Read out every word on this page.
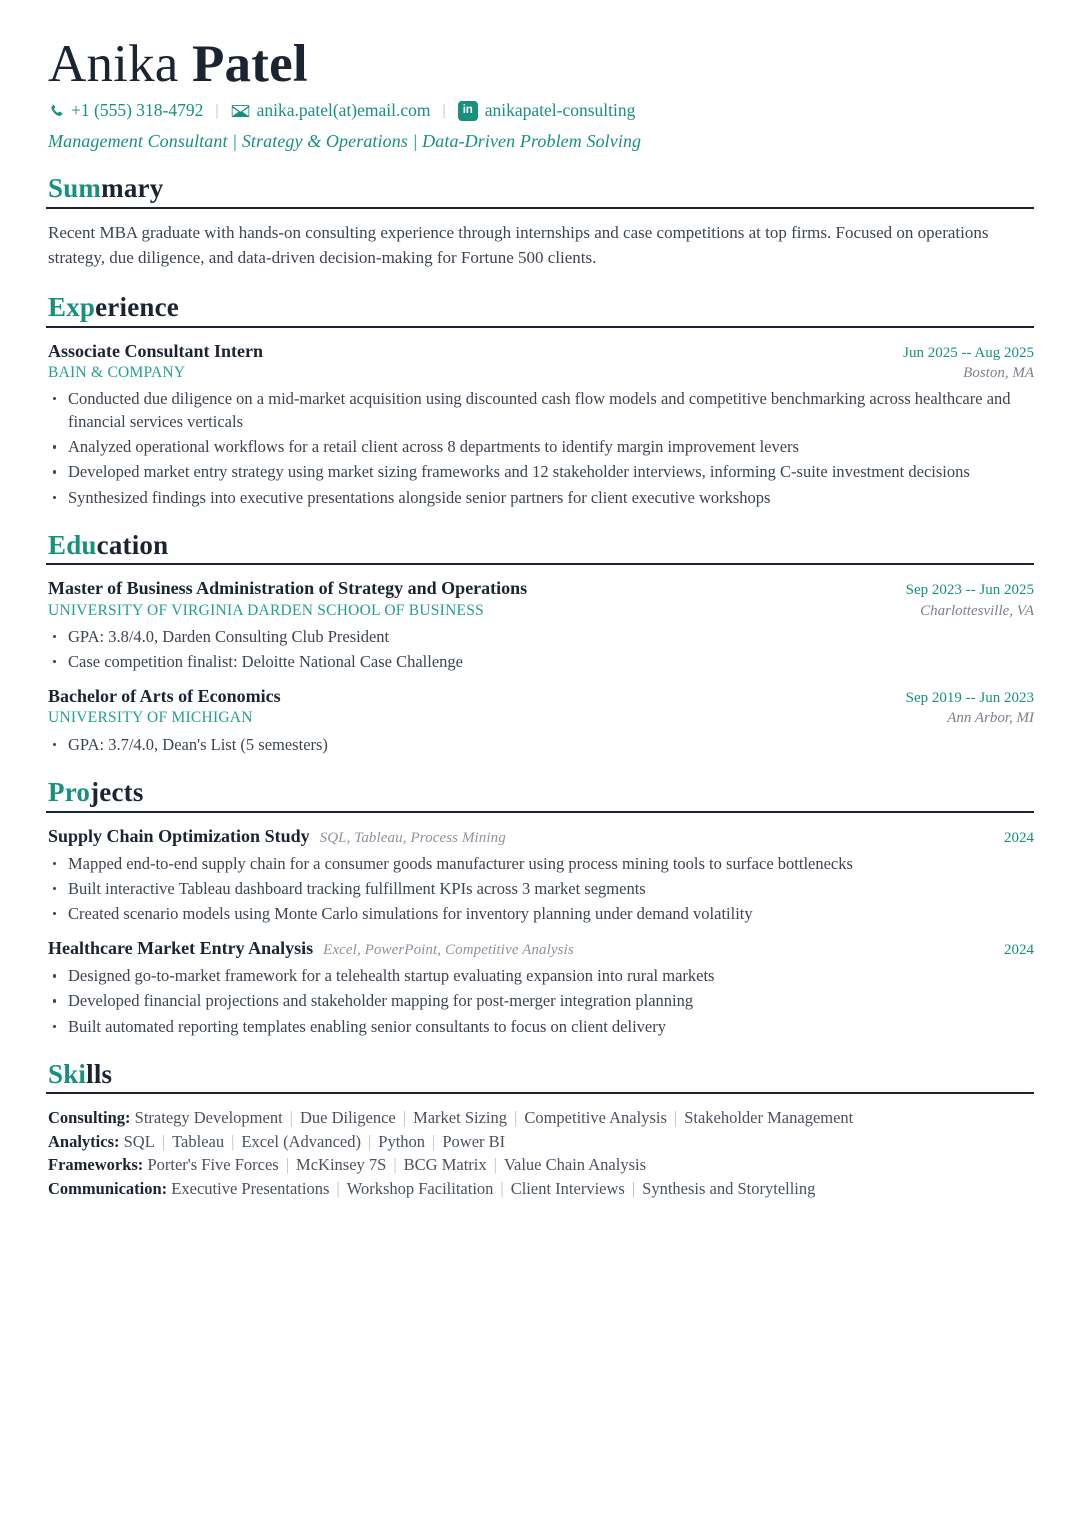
Anika Patel
+1 (555) 318-4792 | anika.patel(at)email.com |	in anikapatel-consulting
Management Consultant | Strategy & Operations | Data-Driven Problem Solving
Summary
Recent MBA graduate with hands-on consulting experience through internships and case competitions at top firms. Focused on operations strategy, due diligence, and data-driven decision-making for Fortune 500 clients.
Experience
Associate Consultant Intern	Jun 2025 -- Aug 2025
BAIN & COMPANY	Boston, MA
Conducted due diligence on a mid-market acquisition using discounted cash flow models and competitive benchmarking across healthcare and financial services verticals
Analyzed operational workflows for a retail client across 8 departments to identify margin improvement levers
Developed market entry strategy using market sizing frameworks and 12 stakeholder interviews, informing C-suite investment decisions
Synthesized findings into executive presentations alongside senior partners for client executive workshops
Education
Master of Business Administration of Strategy and Operations	Sep 2023 -- Jun 2025
UNIVERSITY OF VIRGINIA DARDEN SCHOOL OF BUSINESS	Charlottesville, VA
GPA: 3.8/4.0, Darden Consulting Club President
Case competition finalist: Deloitte National Case Challenge
Bachelor of Arts of Economics	Sep 2019 -- Jun 2023
UNIVERSITY OF MICHIGAN	Ann Arbor, MI
GPA: 3.7/4.0, Dean's List (5 semesters)
Projects
Supply Chain Optimization Study SQL, Tableau, Process Mining	2024
Mapped end-to-end supply chain for a consumer goods manufacturer using process mining tools to surface bottlenecks
Built interactive Tableau dashboard tracking fulfillment KPIs across 3 market segments
Created scenario models using Monte Carlo simulations for inventory planning under demand volatility
Healthcare Market Entry Analysis Excel, PowerPoint, Competitive Analysis	2024
Designed go-to-market framework for a telehealth startup evaluating expansion into rural markets
Developed financial projections and stakeholder mapping for post-merger integration planning
Built automated reporting templates enabling senior consultants to focus on client delivery
Skills
Consulting: Strategy Development | Due Diligence | Market Sizing | Competitive Analysis | Stakeholder Management
Analytics: SQL | Tableau | Excel (Advanced) | Python | Power BI
Frameworks: Porter's Five Forces | McKinsey 7S | BCG Matrix | Value Chain Analysis
Communication: Executive Presentations | Workshop Facilitation | Client Interviews | Synthesis and Storytelling
